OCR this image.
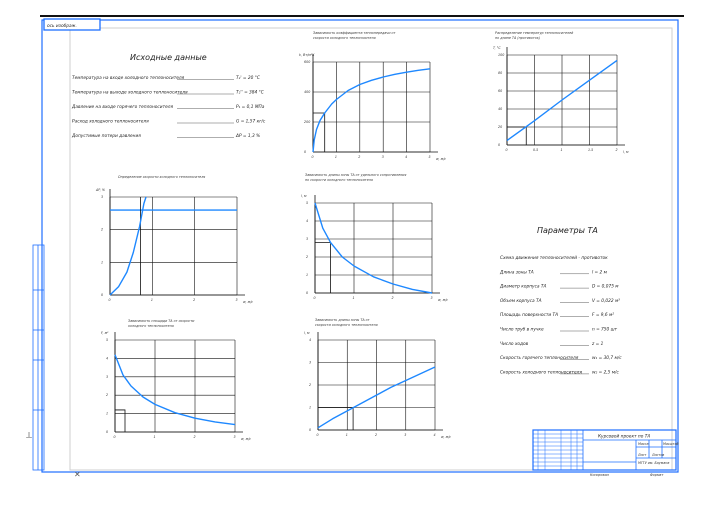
ось изображ.
⟂
✕
Исходные данные
Температура на входе холодного теплоносителя	T₂' = 20 °C
Температура на выходе холодного теплоносителя	T₂'' = 384 °C
Давление на входе горячего теплоносителя	P₁ = 0,1 МПа
Расход холодного теплоносителя	G = 1,57 кг/с
Допустимые потери давления	ΔP = 1,3 %
Параметры ТА
Схема движения теплоносителей - противоток
Длина зоны ТА	l = 2 м
Диаметр корпуса ТА	D = 0,075 м
Объем корпуса ТА	V = 0,022 м³
Площадь поверхности ТА	F = 9,6 м²
Число труб в пучке	n = 750 шт
Число ходов	z = 1
Скорость горячего теплоносителя	w₁ = 30,7 м/с
Скорость холодного теплоносителя w₂ = 2,5 м/с
Зависимость коэффициента теплопередачи от
скорости холодного теплоносителя
0	1	2	3	4	5
0
200
400
600
w, м/с
k, Вт/м²К
Распределение температур теплоносителей
по длине ТА (противоток)
0	0.5	1	1.5	2
0
20
40
60
80
100
l, м
T, °C
Определение скорости холодного теплоносителя
0	1	2	3
0
1
2
3
w, м/с
ΔP, %
Зависимость длины зоны ТА от удельного сопротивления
по скорости холодного теплоносителя
0	1	2	3
0
1
2
3
4
5
w, м/с
l, м
Зависимость площади ТА от скорости
холодного теплоносителя
0	1	2	3
0
1
2
3
4
5
w, м/с
F, м²
Зависимость длины зоны ТА от
скорости холодного теплоносителя
0	1	2	3	4
0
1
2
3
4
w, м/с
l, м
Курсовой проект по ТА
Масса	Масштаб
МГТУ им. Баумана
Лист	Листов
Копировал	Формат
